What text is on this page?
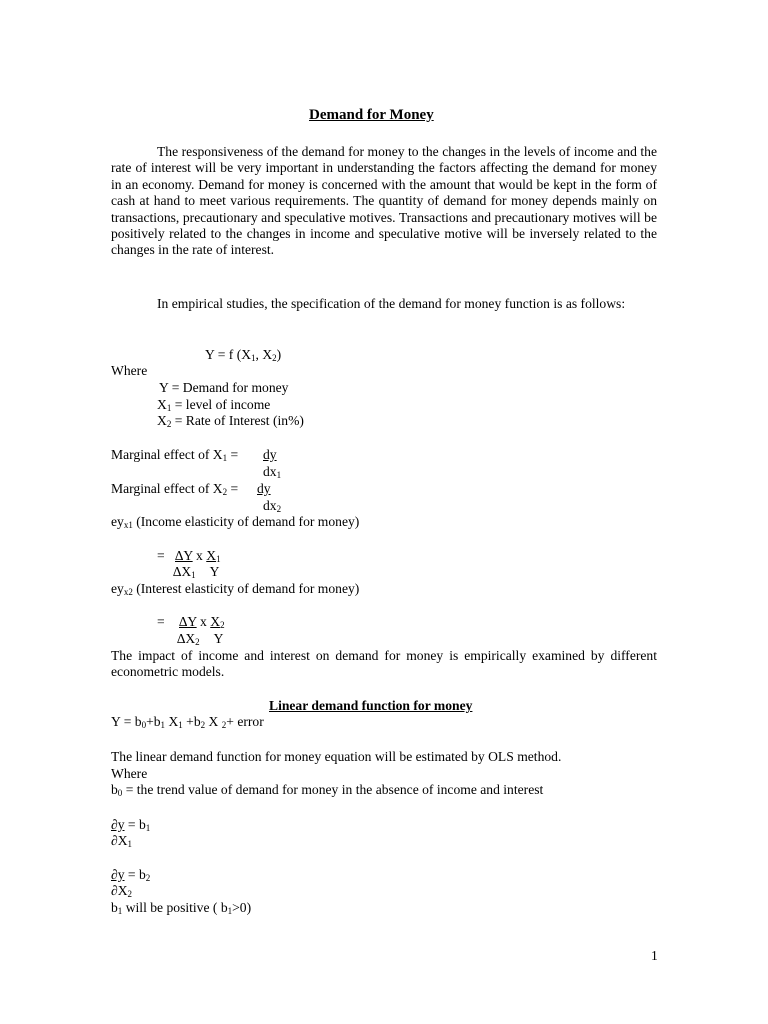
Demand for Money
The responsiveness of the demand for money to the changes in the levels of income and the rate of interest will be very important in understanding the factors affecting the demand for money in an economy. Demand for money is concerned with the amount that would be kept in the form of cash at hand to meet various requirements. The quantity of demand for money depends mainly on transactions, precautionary and speculative motives. Transactions and precautionary motives will be positively related to the changes in income and speculative motive will be inversely related to the changes in the rate of interest.
In empirical studies, the specification of the demand for money function is as follows:
Y = f ($X_1$, $X_2$)
Where
Y = Demand for money
$X_1$ = level of income
$X_2$ = Rate of Interest (in%)
Marginal effect of $X_1$ = dy
$dx_1$
Marginal effect of $X_2$ = dy
$dx_2$
$ey_{x1}$ (Income elasticity of demand for money)
= ∆Y x $X_1$
$\Delta X_1$ Y
$ey_{x2}$ (Interest elasticity of demand for money)
= ∆Y x $X_2$
$\Delta X_2$ Y
The impact of income and interest on demand for money is empirically examined by different econometric models.
Linear demand function for money
$Y = b_0+b_1$ $X_1 +b_2$ X $_2$+ error
The linear demand function for money equation will be estimated by OLS method.
Where
$b_0$ = the trend value of demand for money in the absence of income and interest
$\partial y = b_1$
$\partial X_1$
$\partial y = b_2$
$\partial X_2$
$b_1$ will be positive ( $b_1>0$)
1
